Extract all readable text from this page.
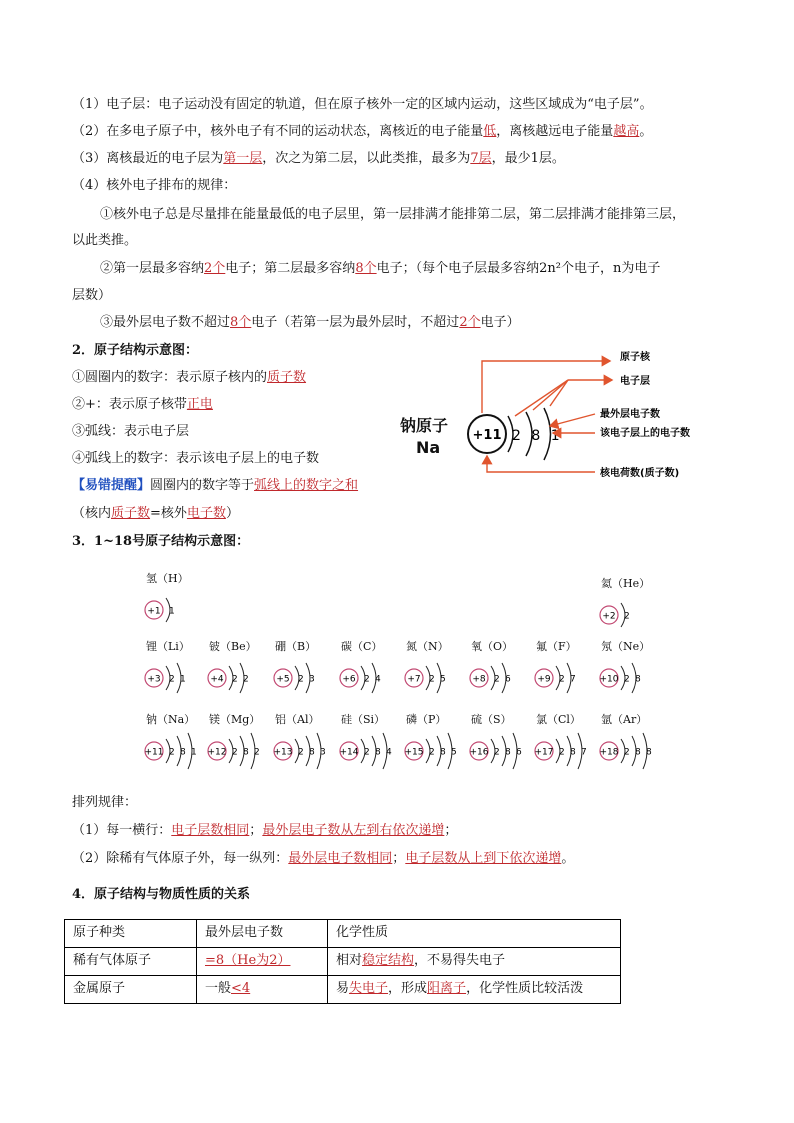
（1）电子层：电子运动没有固定的轨道，但在原子核外一定的区域内运动，这些区域成为“电子层”。
（2）在多电子原子中，核外电子有不同的运动状态，离核近的电子能量低，离核越远电子能量越高。
（3）离核最近的电子层为第一层，次之为第二层，以此类推，最多为7层，最少1层。
（4）核外电子排布的规律：
①核外电子总是尽量排在能量最低的电子层里，第一层排满才能排第二层，第二层排满才能排第三层，
以此类推。
②第一层最多容纳2个电子；第二层最多容纳8个电子；（每个电子层最多容纳2n²个电子，n为电子
层数）
③最外层电子数不超过8个电子（若第一层为最外层时，不超过2个电子）
2．原子结构示意图：
①圆圈内的数字：表示原子核内的质子数
②+：表示原子核带正电
③弧线：表示电子层
④弧线上的数字：表示该电子层上的电子数
【易错提醒】圆圈内的数字等于弧线上的数字之和
（核内质子数=核外电子数）
钠原子
Na
+11 2 8 1
原子核
电子层
最外层电子数
该电子层上的电子数
核电荷数(质子数)
3．1~18号原子结构示意图：
氢（H）
+1 1
氦（He）
+2 2
锂（Li）
+3 2 1
铍（Be）
+4 2 2
硼（B）
+5 2 3
碳（C）
+6 2 4
氮（N）
+7 2 5
氧（O）
+8 2 6
氟（F）
+9 2 7
氖（Ne）
+10 2 8
钠（Na）
+11 2 8 1
镁（Mg）
+12 2 8 2
铝（Al）
+13 2 8 3
硅（Si）
+14 2 8 4
磷（P）
+15 2 8 5
硫（S）
+16 2 8 6
氯（Cl）
+17 2 8 7
氩（Ar）
+18 2 8 8
排列规律：
（1）每一横行：电子层数相同；最外层电子数从左到右依次递增；
（2）除稀有气体原子外，每一纵列：最外层电子数相同；电子层数从上到下依次递增。
4．原子结构与物质性质的关系
原子种类	最外层电子数	化学性质
稀有气体原子	=8（He为2）	相对稳定结构，不易得失电子
金属原子	一般<4	易失电子，形成阳离子，化学性质比较活泼
